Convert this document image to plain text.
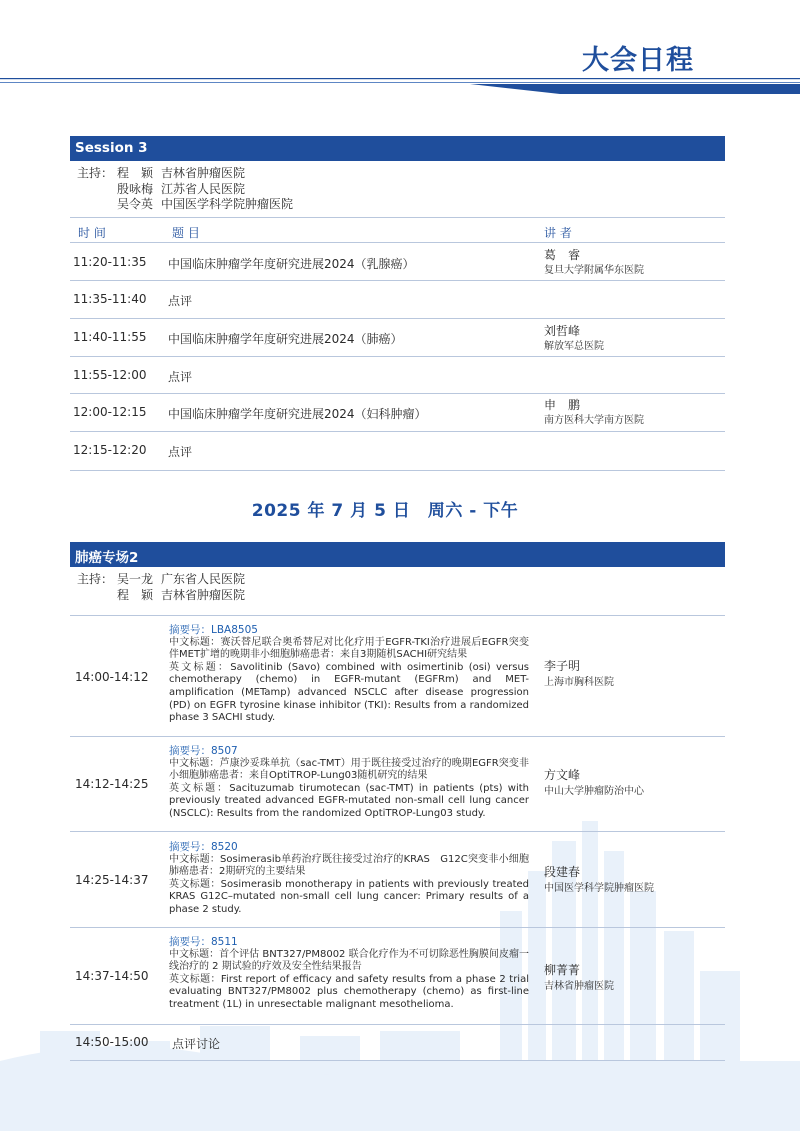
大会日程
Session 3
主持： 程　颖 吉林省肿瘤医院
殷咏梅 江苏省人民医院
吴令英 中国医学科学院肿瘤医院
时 间	题 目	讲 者
11:20-11:35 中国临床肿瘤学年度研究进展2024（乳腺癌）
葛　睿
复旦大学附属华东医院
11:35-11:40 点评
11:40-11:55 中国临床肿瘤学年度研究进展2024（肺癌）
刘哲峰
解放军总医院
11:55-12:00 点评
12:00-12:15 中国临床肿瘤学年度研究进展2024（妇科肿瘤）
申　鹏
南方医科大学南方医院
12:15-12:20 点评
2025 年 7 月 5 日　周六 - 下午
肺癌专场2
主持： 吴一龙 广东省人民医院
程　颖 吉林省肿瘤医院
14:00-14:12
摘要号：LBA8505
中文标题：赛沃替尼联合奥希替尼对比化疗用于EGFR-TKI治疗进展后EGFR突变伴MET扩增的晚期非小细胞肺癌患者：来自3期随机SACHI研究结果
英文标题：Savolitinib (Savo) combined with osimertinib (osi) versus chemotherapy (chemo) in EGFR-mutant (EGFRm) and MET-amplification (METamp) advanced NSCLC after disease progression (PD) on EGFR tyrosine kinase inhibitor (TKI): Results from a randomized phase 3 SACHI study.
李子明
上海市胸科医院
14:12-14:25
摘要号：8507
中文标题：芦康沙妥珠单抗（sac-TMT）用于既往接受过治疗的晚期EGFR突变非小细胞肺癌患者：来自OptiTROP-Lung03随机研究的结果
英文标题：Sacituzumab tirumotecan (sac-TMT) in patients (pts) with previously treated advanced EGFR-mutated non-small cell lung cancer (NSCLC): Results from the randomized OptiTROP-Lung03 study.
方文峰
中山大学肿瘤防治中心
14:25-14:37
摘要号：8520
中文标题：Sosimerasib单药治疗既往接受过治疗的KRAS　G12C突变非小细胞肺癌患者：2期研究的主要结果
英文标题：Sosimerasib monotherapy in patients with previously treated KRAS G12C–mutated non-small cell lung cancer: Primary results of a phase 2 study.
段建春
中国医学科学院肿瘤医院
14:37-14:50
摘要号：8511
中文标题：首个评估 BNT327/PM8002 联合化疗作为不可切除恶性胸膜间皮瘤一线治疗的 2 期试验的疗效及安全性结果报告
英文标题：First report of efficacy and safety results from a phase 2 trial evaluating BNT327/PM8002 plus chemotherapy (chemo) as first-line treatment (1L) in unresectable malignant mesothelioma.
柳菁菁
吉林省肿瘤医院
14:50-15:00 点评讨论
